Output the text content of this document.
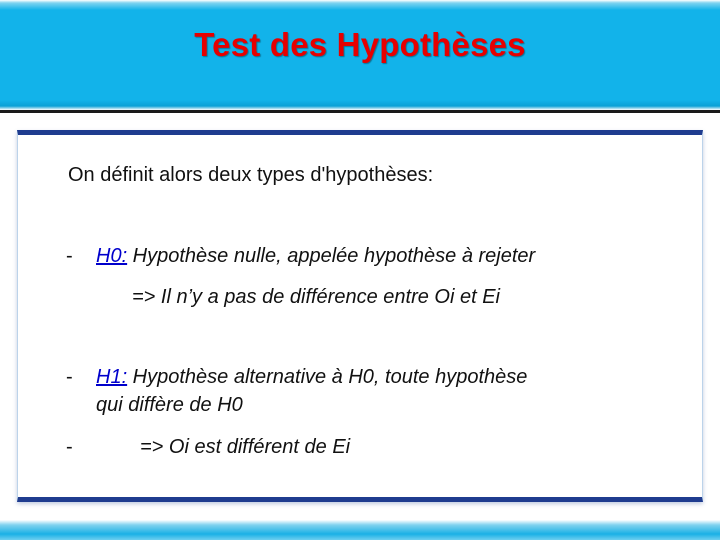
Test des Hypothèses
On définit alors deux types d'hypothèses:
- H0: Hypothèse nulle, appelée hypothèse à rejeter
=> Il n’y a pas de différence entre Oi et Ei
- H1: Hypothèse alternative à H0, toute hypothèse
qui diffère de H0
-	=> Oi est différent de Ei
